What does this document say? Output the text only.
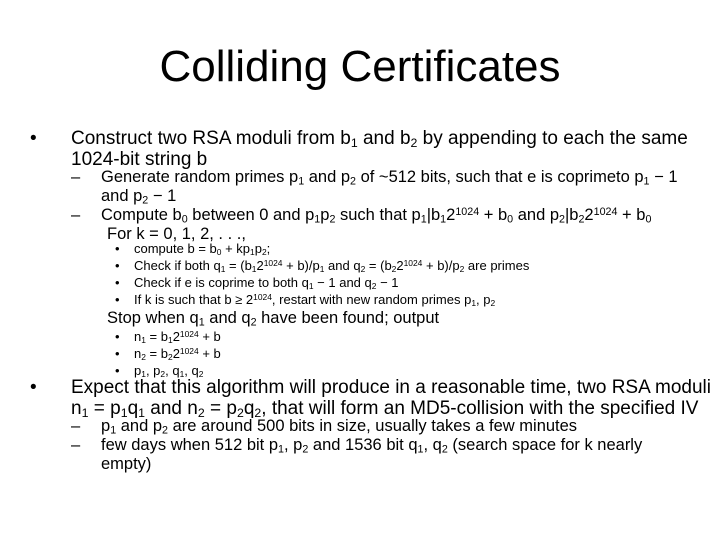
Colliding Certificates
• Construct two RSA moduli from $b_1$ and $b_2$ by appending to each the same
1024-bit string b
– Generate random primes $p_1$ and $p_2$ of ~512 bits, such that e is coprimeto $p_1 - 1$
and $p_2 - 1$
– Compute $b_0$ between 0 and $p_1p_2$ such that $p_1|b_12^{1024} + b_0$ and $p_2|b_22^{1024} + b_0$
For k = 0, 1, 2, . . .,
• compute $b = b_0 + kp_1p_2$;
• Check if both $q_1 = (b_12^{1024} + b)/p_1$ and $q_2 = (b_22^{1024} + b)/p_2$ are primes
• Check if e is coprime to both $q_1 - 1$ and $q_2 - 1$
• If k is such that $b \ge 2^{1024}$, restart with new random primes $p_1$, $p_2$
Stop when $q_1$ and $q_2$ have been found; output
• $n_1 = b_12^{1024} + b$
• $n_2 = b_22^{1024} + b$
• $p_1$, $p_2$, $q_1$, $q_2$
• Expect that this algorithm will produce in a reasonable time, two RSA moduli
$n_1 = p_1q_1$ and $n_2 = p_2q_2$, that will form an MD5-collision with the specified IV
– $p_1$ and $p_2$ are around 500 bits in size, usually takes a few minutes
– few days when 512 bit $p_1$, $p_2$ and 1536 bit $q_1$, $q_2$ (search space for k nearly
empty)
